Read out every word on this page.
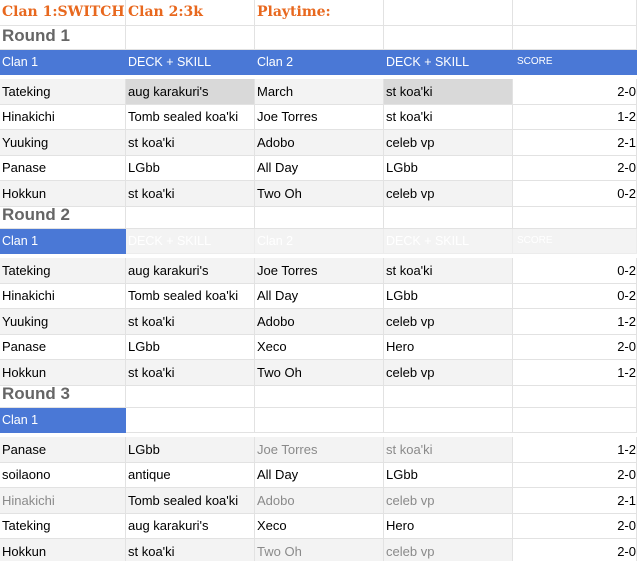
Clan 1:SWITCH Clan 2:3k	Playtime:
Round 1
Clan 1	DECK + SKILL	Clan 2	DECK + SKILL	SCORE
Tateking	aug karakuri's	March	st koa'ki	2-0
Hinakichi	Tomb sealed koa'ki	Joe Torres	st koa'ki	1-2
Yuuking	st koa'ki	Adobo	celeb vp	2-1
Panase	LGbb	All Day	LGbb	2-0
Hokkun	st koa'ki	Two Oh	celeb vp	0-2
Round 2
Clan 1	DECK + SKILL	Clan 2	DECK + SKILL	SCORE
Tateking	aug karakuri's	Joe Torres	st koa'ki	0-2
Hinakichi	Tomb sealed koa'ki	All Day	LGbb	0-2
Yuuking	st koa'ki	Adobo	celeb vp	1-2
Panase	LGbb	Xeco	Hero	2-0
Hokkun	st koa'ki	Two Oh	celeb vp	1-2
Round 3
Clan 1
Panase	LGbb	Joe Torres	st koa'ki	1-2
soilaono	antique	All Day	LGbb	2-0
Hinakichi	Tomb sealed koa'ki	Adobo	celeb vp	2-1
Tateking	aug karakuri's	Xeco	Hero	2-0
Hokkun	st koa'ki	Two Oh	celeb vp	2-0
